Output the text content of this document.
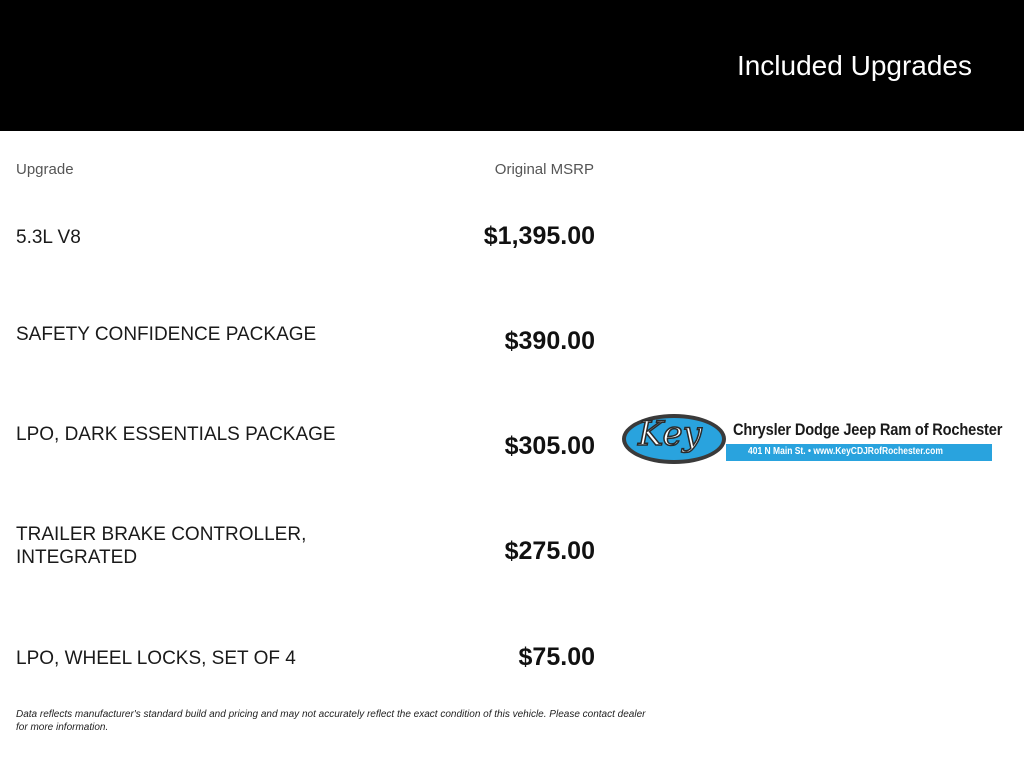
Included Upgrades
Upgrade	Original MSRP
5.3L V8	$1,395.00
SAFETY CONFIDENCE PACKAGE	$390.00
LPO, DARK ESSENTIALS PACKAGE	$305.00
TRAILER BRAKE CONTROLLER, INTEGRATED	$275.00
LPO, WHEEL LOCKS, SET OF 4	$75.00
Data reflects manufacturer's standard build and pricing and may not accurately reflect the exact condition of this vehicle. Please contact dealer for more information.
Key Chrysler Dodge Jeep Ram of Rochester
401 N Main St. • www.KeyCDJRofRochester.com
